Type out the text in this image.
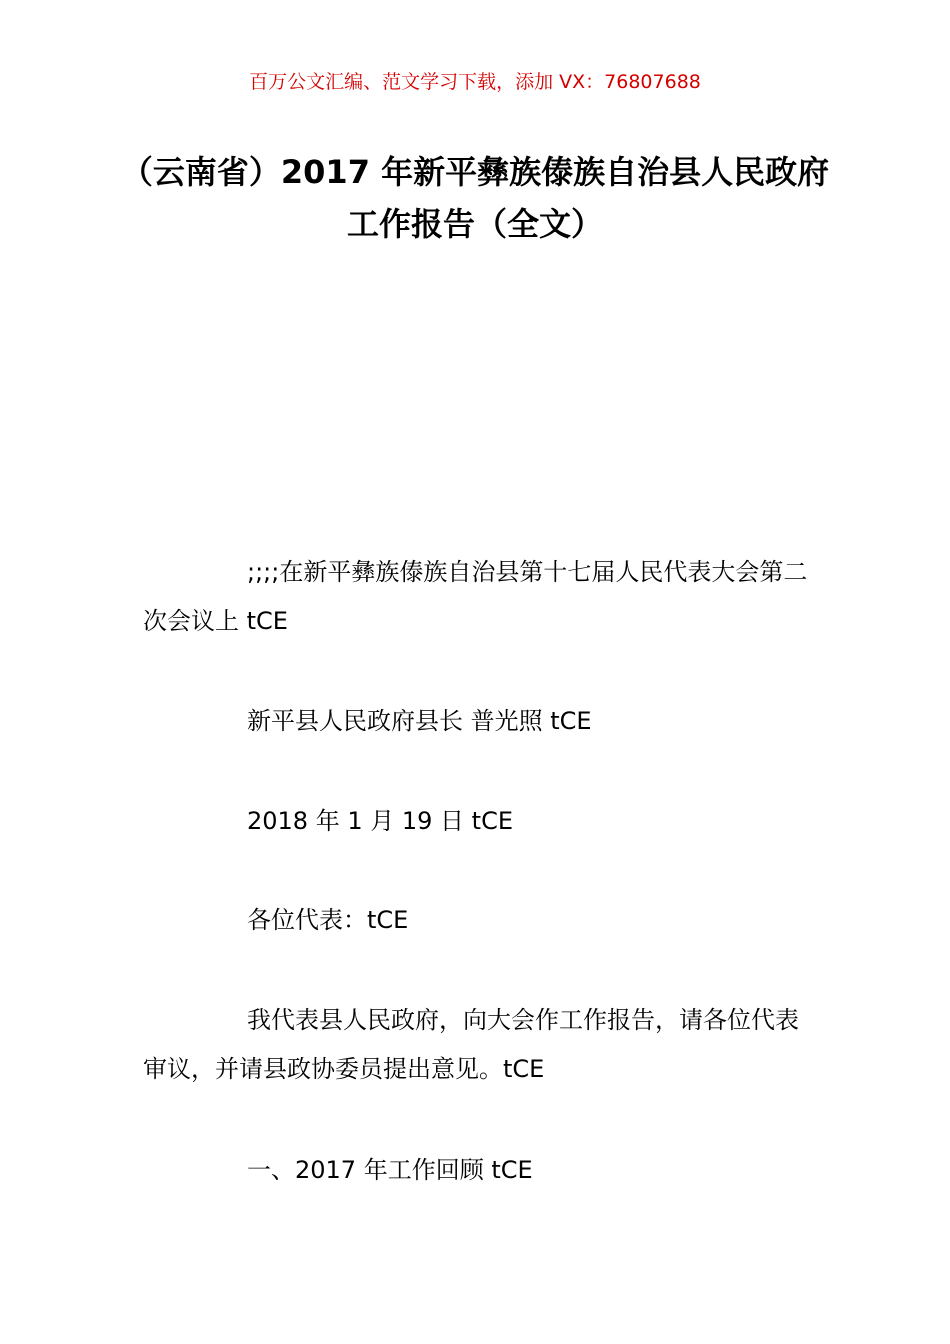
百万公文汇编、范文学习下载，添加 VX：76807688
（云南省）2017 年新平彝族傣族自治县人民政府工作报告（全文）

;;;;在新平彝族傣族自治县第十七届人民代表大会第二次会议上 tCE

新平县人民政府县长 普光照 tCE

2018 年 1 月 19 日 tCE

各位代表：tCE

我代表县人民政府，向大会作工作报告，请各位代表审议，并请县政协委员提出意见。tCE

一、2017 年工作回顾 tCE
